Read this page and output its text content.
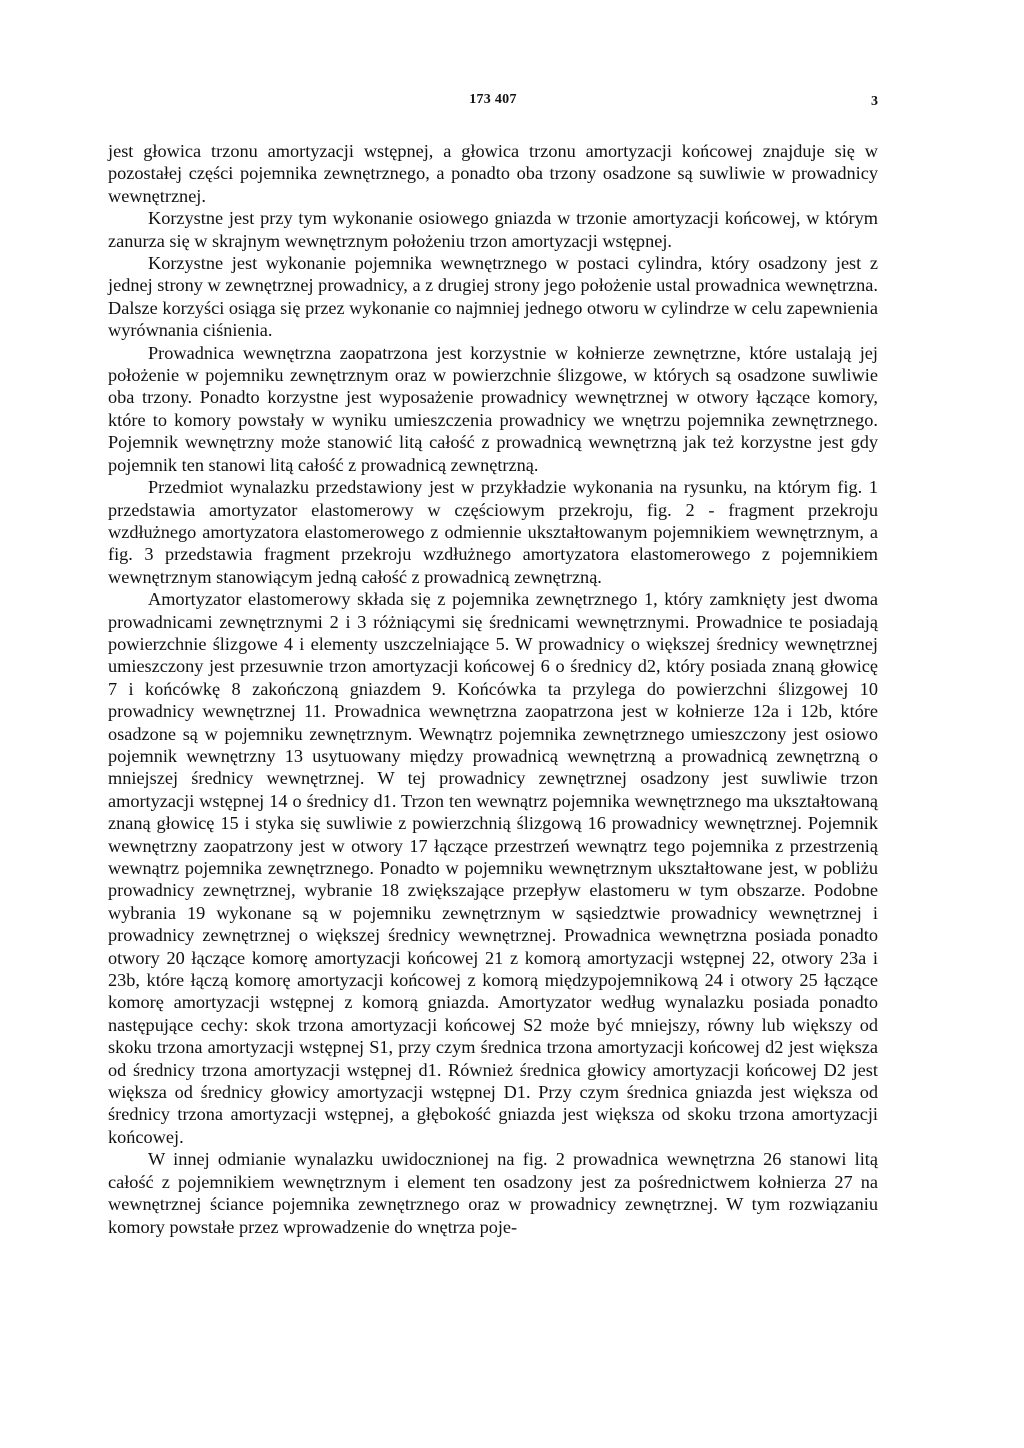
173 407	3

jest głowica trzonu amortyzacji wstępnej, a głowica trzonu amortyzacji końcowej znajduje się w pozostałej części pojemnika zewnętrznego, a ponadto oba trzony osadzone są suwliwie w prowadnicy wewnętrznej.

Korzystne jest przy tym wykonanie osiowego gniazda w trzonie amortyzacji końcowej, w którym zanurza się w skrajnym wewnętrznym położeniu trzon amortyzacji wstępnej.

Korzystne jest wykonanie pojemnika wewnętrznego w postaci cylindra, który osadzony jest z jednej strony w zewnętrznej prowadnicy, a z drugiej strony jego położenie ustal prowadnica wewnętrzna. Dalsze korzyści osiąga się przez wykonanie co najmniej jednego otworu w cylindrze w celu zapewnienia wyrównania ciśnienia.

Prowadnica wewnętrzna zaopatrzona jest korzystnie w kołnierze zewnętrzne, które ustalają jej położenie w pojemniku zewnętrznym oraz w powierzchnie ślizgowe, w których są osadzone suwliwie oba trzony. Ponadto korzystne jest wyposażenie prowadnicy wewnętrznej w otwory łączące komory, które to komory powstały w wyniku umieszczenia prowadnicy we wnętrzu pojemnika zewnętrznego. Pojemnik wewnętrzny może stanowić litą całość z prowadnicą wewnętrzną jak też korzystne jest gdy pojemnik ten stanowi litą całość z prowadnicą zewnętrzną.

Przedmiot wynalazku przedstawiony jest w przykładzie wykonania na rysunku, na którym fig. 1 przedstawia amortyzator elastomerowy w częściowym przekroju, fig. 2 - fragment przekroju wzdłużnego amortyzatora elastomerowego z odmiennie ukształtowanym pojemnikiem wewnętrznym, a fig. 3 przedstawia fragment przekroju wzdłużnego amortyzatora elastomerowego z pojemnikiem wewnętrznym stanowiącym jedną całość z prowadnicą zewnętrzną.

Amortyzator elastomerowy składa się z pojemnika zewnętrznego 1, który zamknięty jest dwoma prowadnicami zewnętrznymi 2 i 3 różniącymi się średnicami wewnętrznymi. Prowadnice te posiadają powierzchnie ślizgowe 4 i elementy uszczelniające 5. W prowadnicy o większej średnicy wewnętrznej umieszczony jest przesuwnie trzon amortyzacji końcowej 6 o średnicy d2, który posiada znaną głowicę 7 i końcówkę 8 zakończoną gniazdem 9. Końcówka ta przylega do powierzchni ślizgowej 10 prowadnicy wewnętrznej 11. Prowadnica wewnętrzna zaopatrzona jest w kołnierze 12a i 12b, które osadzone są w pojemniku zewnętrznym. Wewnątrz pojemnika zewnętrznego umieszczony jest osiowo pojemnik wewnętrzny 13 usytuowany między prowadnicą wewnętrzną a prowadnicą zewnętrzną o mniejszej średnicy wewnętrznej. W tej prowadnicy zewnętrznej osadzony jest suwliwie trzon amortyzacji wstępnej 14 o średnicy d1. Trzon ten wewnątrz pojemnika wewnętrznego ma ukształtowaną znaną głowicę 15 i styka się suwliwie z powierzchnią ślizgową 16 prowadnicy wewnętrznej. Pojemnik wewnętrzny zaopatrzony jest w otwory 17 łączące przestrzeń wewnątrz tego pojemnika z przestrzenią wewnątrz pojemnika zewnętrznego. Ponadto w pojemniku wewnętrznym ukształtowane jest, w pobliżu prowadnicy zewnętrznej, wybranie 18 zwiększające przepływ elastomeru w tym obszarze. Podobne wybrania 19 wykonane są w pojemniku zewnętrznym w sąsiedztwie prowadnicy wewnętrznej i prowadnicy zewnętrznej o większej średnicy wewnętrznej. Prowadnica wewnętrzna posiada ponadto otwory 20 łączące komorę amortyzacji końcowej 21 z komorą amortyzacji wstępnej 22, otwory 23a i 23b, które łączą komorę amortyzacji końcowej z komorą międzypojemnikową 24 i otwory 25 łączące komorę amortyzacji wstępnej z komorą gniazda. Amortyzator według wynalazku posiada ponadto następujące cechy: skok trzona amortyzacji końcowej S2 może być mniejszy, równy lub większy od skoku trzona amortyzacji wstępnej S1, przy czym średnica trzona amortyzacji końcowej d2 jest większa od średnicy trzona amortyzacji wstępnej d1. Również średnica głowicy amortyzacji końcowej D2 jest większa od średnicy głowicy amortyzacji wstępnej D1. Przy czym średnica gniazda jest większa od średnicy trzona amortyzacji wstępnej, a głębokość gniazda jest większa od skoku trzona amortyzacji końcowej.

W innej odmianie wynalazku uwidocznionej na fig. 2 prowadnica wewnętrzna 26 stanowi litą całość z pojemnikiem wewnętrznym i element ten osadzony jest za pośrednictwem kołnierza 27 na wewnętrznej ściance pojemnika zewnętrznego oraz w prowadnicy zewnętrznej. W tym rozwiązaniu komory powstałe przez wprowadzenie do wnętrza poje-
